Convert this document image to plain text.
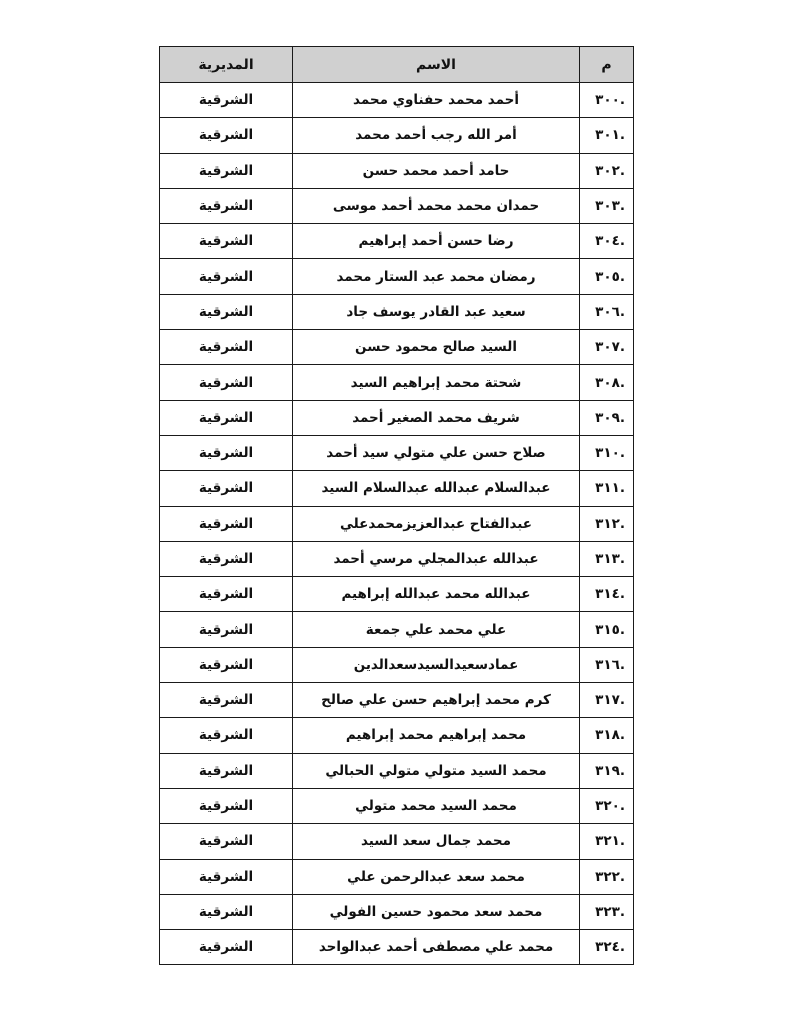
م	الاسم	المديرية
.٣٠٠	أحمد محمد حفناوي محمد	الشرقية
.٣٠١	أمر الله رجب أحمد محمد	الشرقية
.٣٠٢	حامد أحمد محمد حسن	الشرقية
.٣٠٣	حمدان محمد محمد أحمد موسى	الشرقية
.٣٠٤	رضا حسن أحمد إبراهيم	الشرقية
.٣٠٥	رمضان محمد عبد الستار محمد	الشرقية
.٣٠٦	سعيد عبد القادر يوسف جاد	الشرقية
.٣٠٧	السيد صالح محمود حسن	الشرقية
.٣٠٨	شحتة محمد إبراهيم السيد	الشرقية
.٣٠٩	شريف محمد الصغير أحمد	الشرقية
.٣١٠	صلاح حسن علي متولي سيد أحمد	الشرقية
.٣١١	عبدالسلام عبدالله عبدالسلام السيد	الشرقية
.٣١٢	عبدالفتاح عبدالعزيزمحمدعلي	الشرقية
.٣١٣	عبدالله عبدالمجلي مرسي أحمد	الشرقية
.٣١٤	عبدالله محمد عبدالله إبراهيم	الشرقية
.٣١٥	علي محمد علي جمعة	الشرقية
.٣١٦	عمادسعيدالسيدسعدالدين	الشرقية
.٣١٧	كرم محمد إبراهيم حسن علي صالح	الشرقية
.٣١٨	محمد إبراهيم محمد إبراهيم	الشرقية
.٣١٩	محمد السيد متولي متولي الحبالي	الشرقية
.٣٢٠	محمد السيد محمد متولي	الشرقية
.٣٢١	محمد جمال سعد السيد	الشرقية
.٣٢٢	محمد سعد عبدالرحمن علي	الشرقية
.٣٢٣	محمد سعد محمود حسين الفولي	الشرقية
.٣٢٤	محمد علي مصطفى أحمد عبدالواحد	الشرقية
